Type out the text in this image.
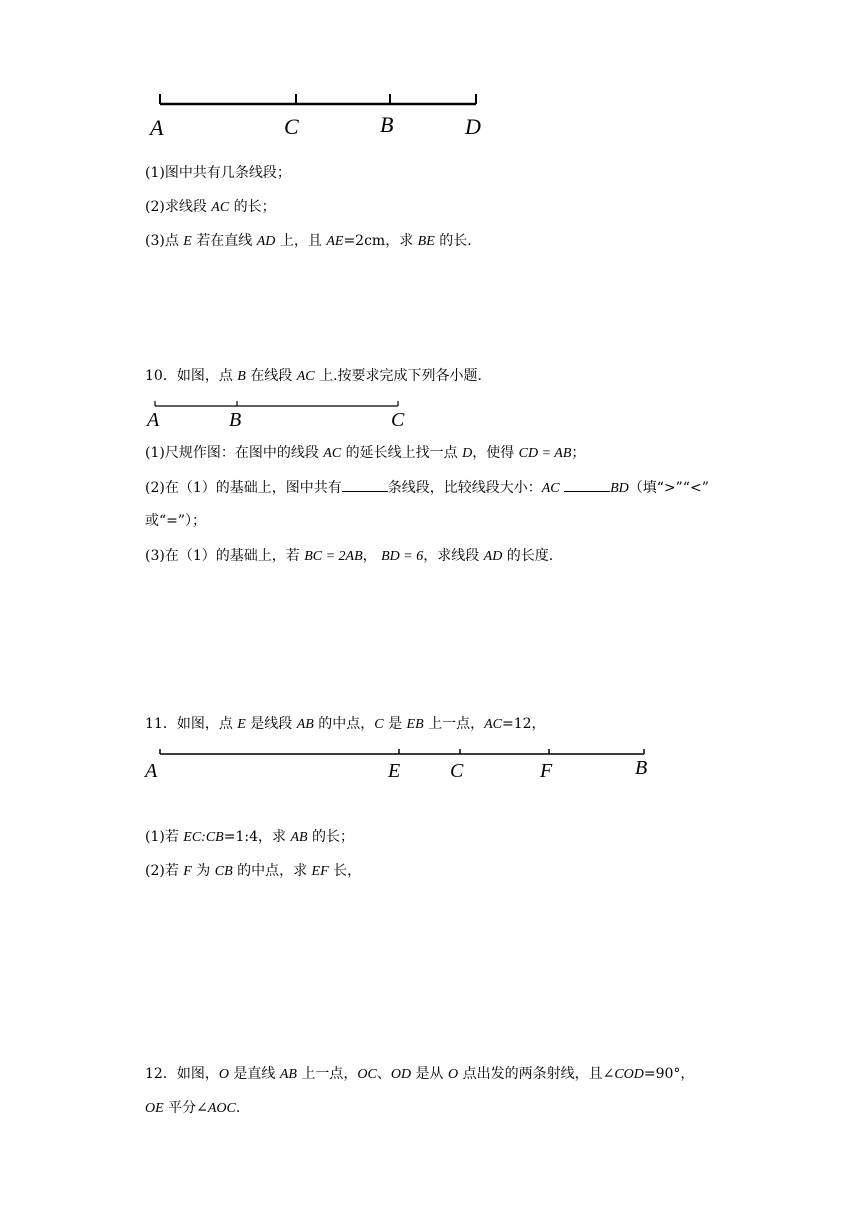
A	C	B	D
(1)图中共有几条线段；
(2)求线段 AC 的长；
(3)点 E 若在直线 AD 上，且 AE=2cm，求 BE 的长.
10．如图，点 B 在线段 AC 上.按要求完成下列各小题.
A	B	C
(1)尺规作图：在图中的线段 AC 的延长线上找一点 D，使得 CD = AB；
(2)在（1）的基础上，图中共有	条线段，比较线段大小：AC	BD（填“>”“<”
或“=”）；
(3)在（1）的基础上，若 BC = 2AB， BD = 6，求线段 AD 的长度.
11．如图，点 E 是线段 AB 的中点，C 是 EB 上一点，AC=12，
A	E C	F	B
(1)若 EC:CB=1:4，求 AB 的长；
(2)若 F 为 CB 的中点，求 EF 长，
12．如图，O 是直线 AB 上一点，OC、OD 是从 O 点出发的两条射线，且∠COD=90°，
OE 平分∠AOC.
